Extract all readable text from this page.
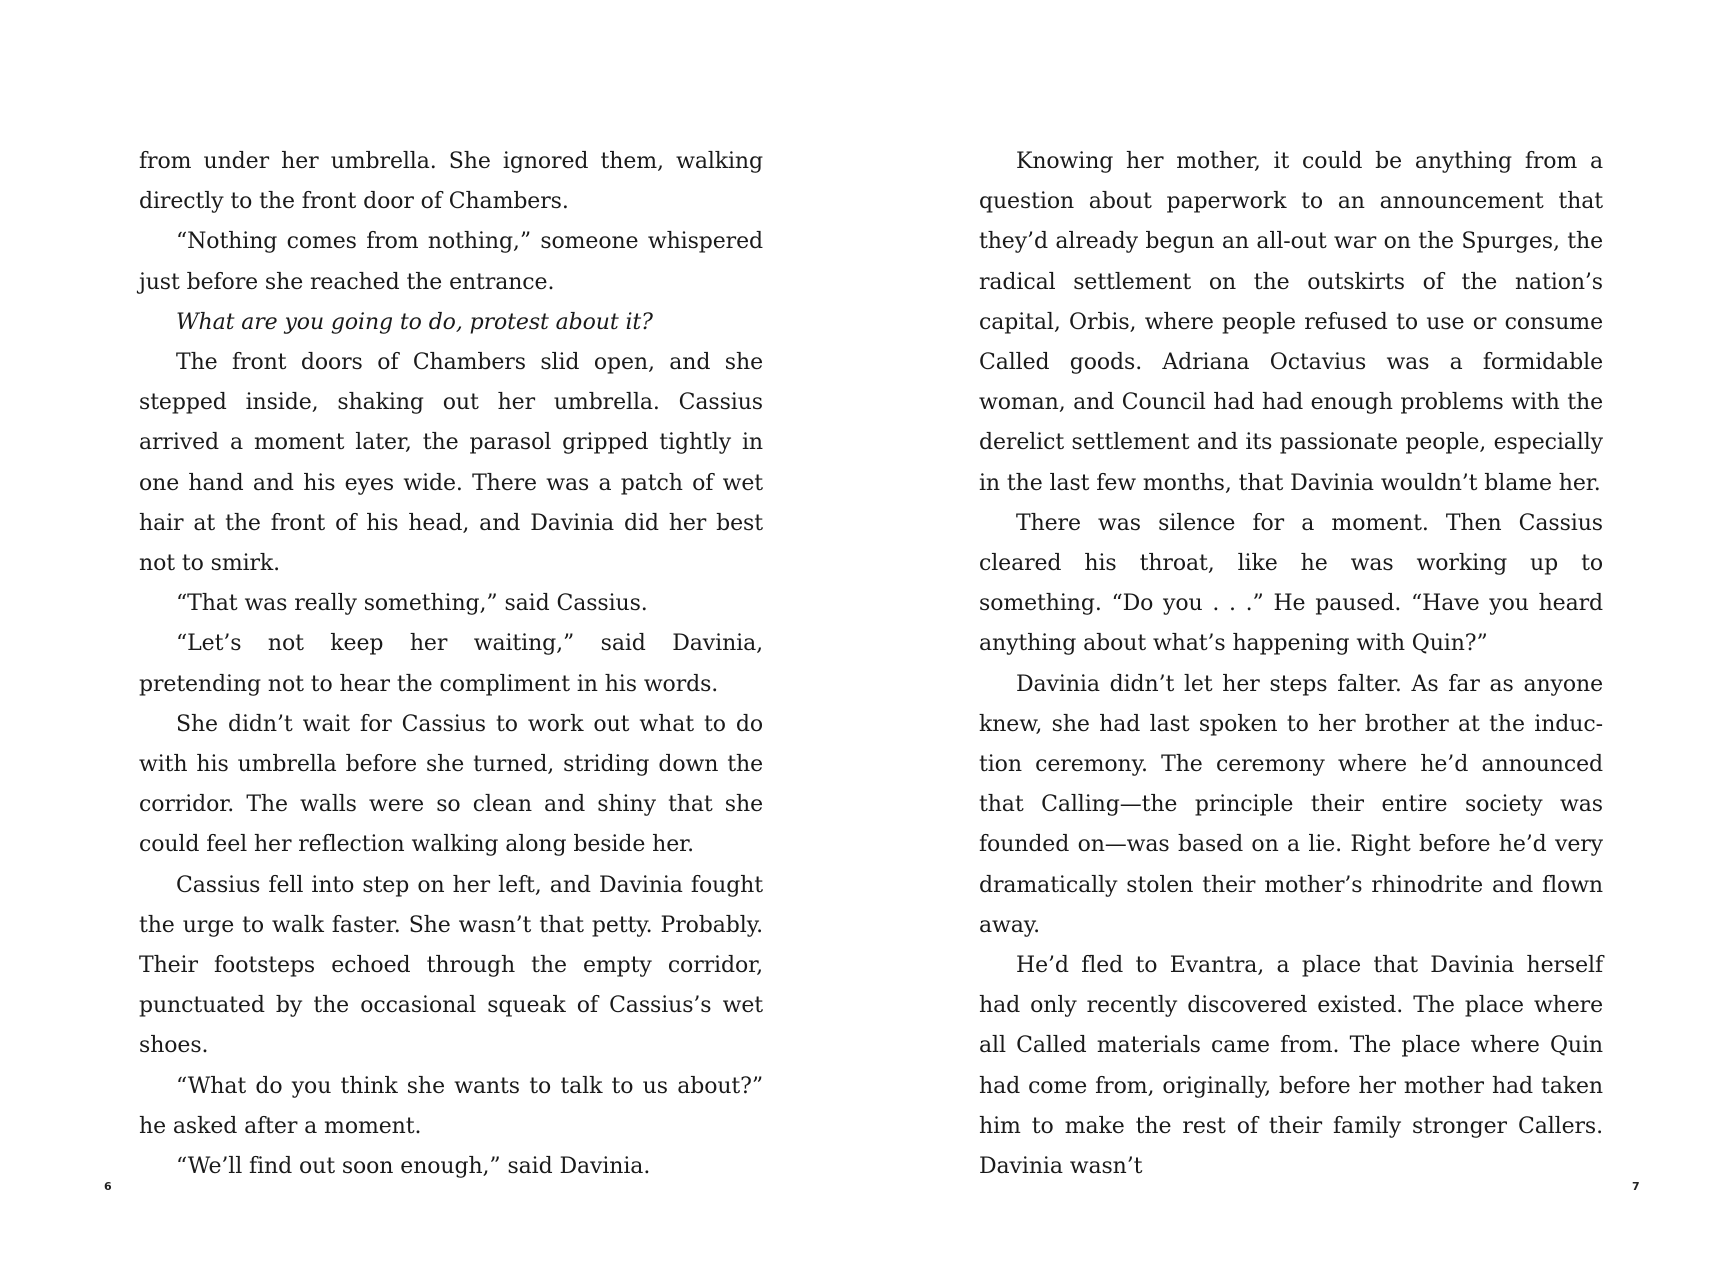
from under her umbrella. She ignored them, walking directly to the front door of Chambers.

“Nothing comes from nothing,” someone whispered just before she reached the entrance.

What are you going to do, protest about it?

The front doors of Chambers slid open, and she stepped inside, shaking out her umbrella. Cassius arrived a moment later, the parasol gripped tightly in one hand and his eyes wide. There was a patch of wet hair at the front of his head, and Davinia did her best not to smirk.

“That was really something,” said Cassius.

“Let’s not keep her waiting,” said Davinia, pretending not to hear the compliment in his words.

She didn’t wait for Cassius to work out what to do with his umbrella before she turned, striding down the corridor. The walls were so clean and shiny that she could feel her reflection walking along beside her.

Cassius fell into step on her left, and Davinia fought the urge to walk faster. She wasn’t that petty. Probably. Their footsteps echoed through the empty corridor, punctuated by the occasional squeak of Cassius’s wet shoes.

“What do you think she wants to talk to us about?” he asked after a moment.

“We’ll find out soon enough,” said Davinia.

6

Knowing her mother, it could be anything from a question about paperwork to an announcement that they’d already begun an all-out war on the Spurges, the radical settlement on the outskirts of the nation’s capital, Orbis, where people refused to use or consume Called goods. Adriana Octavius was a formidable woman, and Council had had enough problems with the derelict settlement and its passionate people, especially in the last few months, that Davinia wouldn’t blame her.

There was silence for a moment. Then Cassius cleared his throat, like he was working up to something. “Do you . . .” He paused. “Have you heard anything about what’s happening with Quin?”

Davinia didn’t let her steps falter. As far as anyone knew, she had last spoken to her brother at the induction ceremony. The ceremony where he’d announced that Calling—the principle their entire society was founded on—was based on a lie. Right before he’d very dramatically stolen their mother’s rhinodrite and flown away.

He’d fled to Evantra, a place that Davinia herself had only recently discovered existed. The place where all Called materials came from. The place where Quin had come from, originally, before her mother had taken him to make the rest of their family stronger Callers. Davinia wasn’t

7
